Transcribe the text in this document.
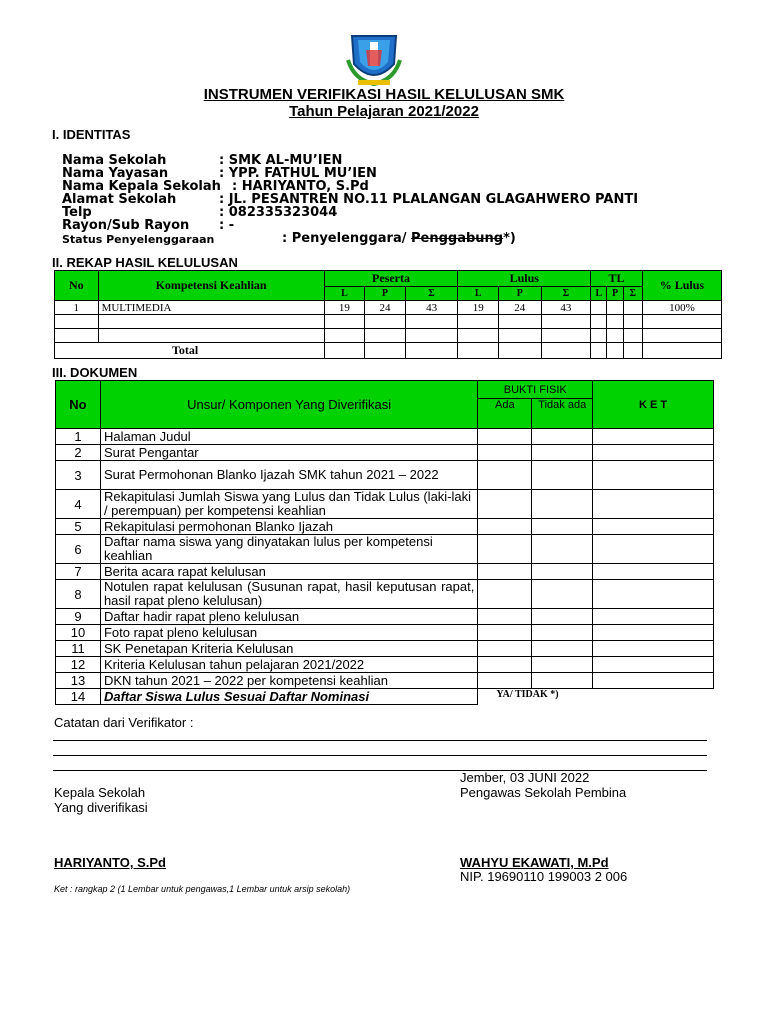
INSTRUMEN VERIFIKASI HASIL KELULUSAN SMK
Tahun Pelajaran 2021/2022
I. IDENTITAS
Nama Sekolah	: SMK AL-MU’IEN
Nama Yayasan	: YPP. FATHUL MU’IEN
Nama Kepala Sekolah : HARIYANTO, S.Pd
Alamat Sekolah	: JL. PESANTREN NO.11 PLALANGAN GLAGAHWERO PANTI
Telp	: 082335323044
Rayon/Sub Rayon : -
Status Penyelenggaraan	: Penyelenggara/ Penggabung*)
II. REKAP HASIL KELULUSAN
No	Kompetensi Keahlian	Peserta			Lulus			TL			% Lulus
		L	P	Σ	L	P	Σ	L	P	Σ	
1	MULTIMEDIA	19	24	43	19	24	43				100%

Total											
III. DOKUMEN
No	Unsur/ Komponen Yang Diverifikasi	BUKTI FISIK		K E T
		Ada	Tidak ada	
1	Halaman Judul			
2	Surat Pengantar			
3	Surat Permohonan Blanko Ijazah SMK tahun 2021 – 2022			
4	Rekapitulasi Jumlah Siswa yang Lulus dan Tidak Lulus (laki-laki / perempuan) per kompetensi keahlian			
5	Rekapitulasi permohonan Blanko Ijazah			
6	Daftar nama siswa yang dinyatakan lulus per kompetensi keahlian			
7	Berita acara rapat kelulusan			
8	Notulen rapat kelulusan (Susunan rapat, hasil keputusan rapat, hasil rapat pleno kelulusan)			
9	Daftar hadir rapat pleno kelulusan			
10	Foto rapat pleno kelulusan			
11	SK Penetapan Kriteria Kelulusan			
12	Kriteria Kelulusan tahun pelajaran 2021/2022			
13	DKN tahun 2021 – 2022 per kompetensi keahlian			
14	Daftar Siswa Lulus Sesuai Daftar Nominasi	YA/ TIDAK *)		
Catatan dari Verifikator :
Jember, 03 JUNI 2022
Kepala Sekolah
Yang diverifikasi
Pengawas Sekolah Pembina
HARIYANTO, S.Pd	WAHYU EKAWATI, M.Pd
NIP. 19690110 199003 2 006
Ket : rangkap 2 (1 Lembar untuk pengawas,1 Lembar untuk arsip sekolah)
